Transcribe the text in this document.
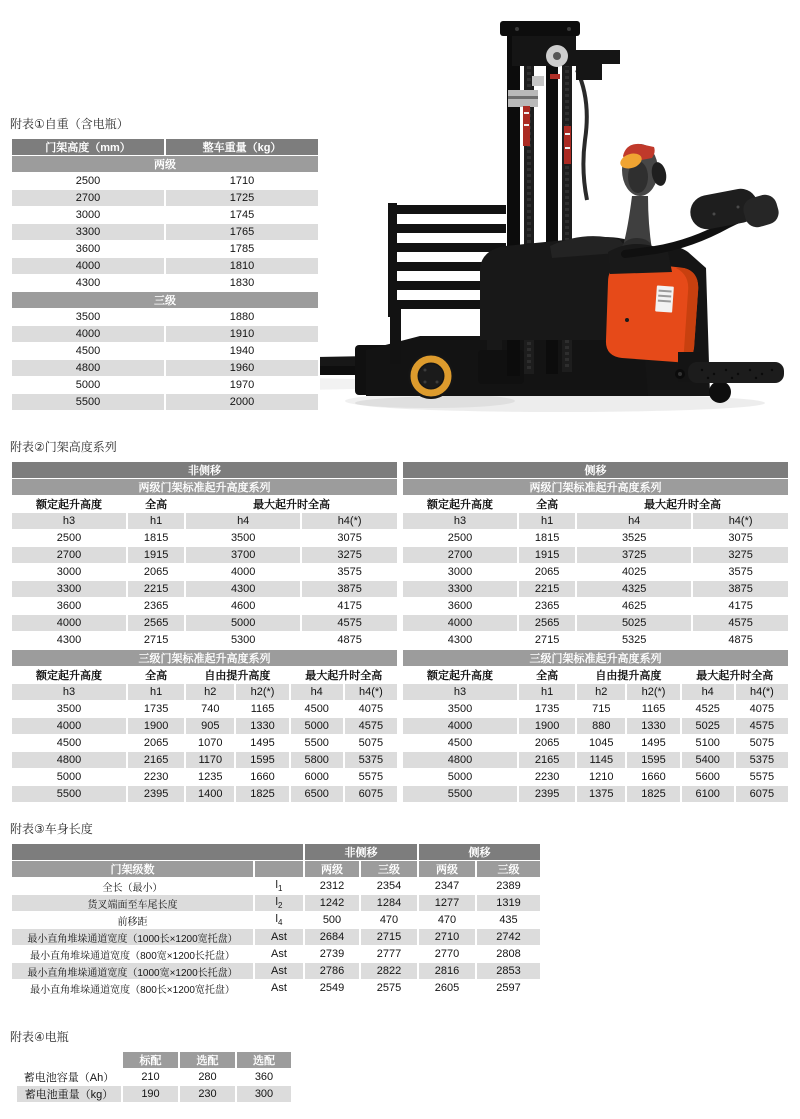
附表①自重（含电瓶）
门架高度（mm）	整车重量（kg）
两级	
2500	1710
2700	1725
3000	1745
3300	1765
3600	1785
4000	1810
4300	1830
三级	
3500	1880
4000	1910
4500	1940
4800	1960
5000	1970
5500	2000
附表②门架高度系列
非侧移			
两级门架标准起升高度系列			
额定起升高度	全高	最大起升时全高	
h3	h1	h4	h4(*)
2500	1815	3500	3075
2700	1915	3700	3275
3000	2065	4000	3575
3300	2215	4300	3875
3600	2365	4600	4175
4000	2565	5000	4575
4300	2715	5300	4875
三级门架标准起升高度系列					
额定起升高度	全高	自由提升高度		最大起升时全高	
h3	h1	h2	h2(*)	h4	h4(*)
3500	1735	740	1165	4500	4075
4000	1900	905	1330	5000	4575
4500	2065	1070	1495	5500	5075
4800	2165	1170	1595	5800	5375
5000	2230	1235	1660	6000	5575
5500	2395	1400	1825	6500	6075
侧移			
两级门架标准起升高度系列			
额定起升高度	全高	最大起升时全高	
h3	h1	h4	h4(*)
2500	1815	3525	3075
2700	1915	3725	3275
3000	2065	4025	3575
3300	2215	4325	3875
3600	2365	4625	4175
4000	2565	5025	4575
4300	2715	5325	4875
三级门架标准起升高度系列					
额定起升高度	全高	自由提升高度		最大起升时全高	
h3	h1	h2	h2(*)	h4	h4(*)
3500	1735	715	1165	4525	4075
4000	1900	880	1330	5025	4575
4500	2065	1045	1495	5100	5075
4800	2165	1145	1595	5400	5375
5000	2230	1210	1660	5600	5575
5500	2395	1375	1825	6100	6075
附表③车身长度
		非侧移		侧移	
门架级数		两级	三级	两级	三级
全长（最小）	$l_1$	2312	2354	2347	2389
货叉端面至车尾长度	$l_2$	1242	1284	1277	1319
前移距	$l_4$	500	470	470	435
最小直角堆垛通道宽度（1000长×1200宽托盘）	Ast	2684	2715	2710	2742
最小直角堆垛通道宽度（800宽×1200长托盘）	Ast	2739	2777	2770	2808
最小直角堆垛通道宽度（1000宽×1200长托盘）	Ast	2786	2822	2816	2853
最小直角堆垛通道宽度（800长×1200宽托盘）	Ast	2549	2575	2605	2597
附表④电瓶
	标配	选配	选配
蓄电池容量（Ah）	210	280	360
蓄电池重量（kg）	190	230	300
